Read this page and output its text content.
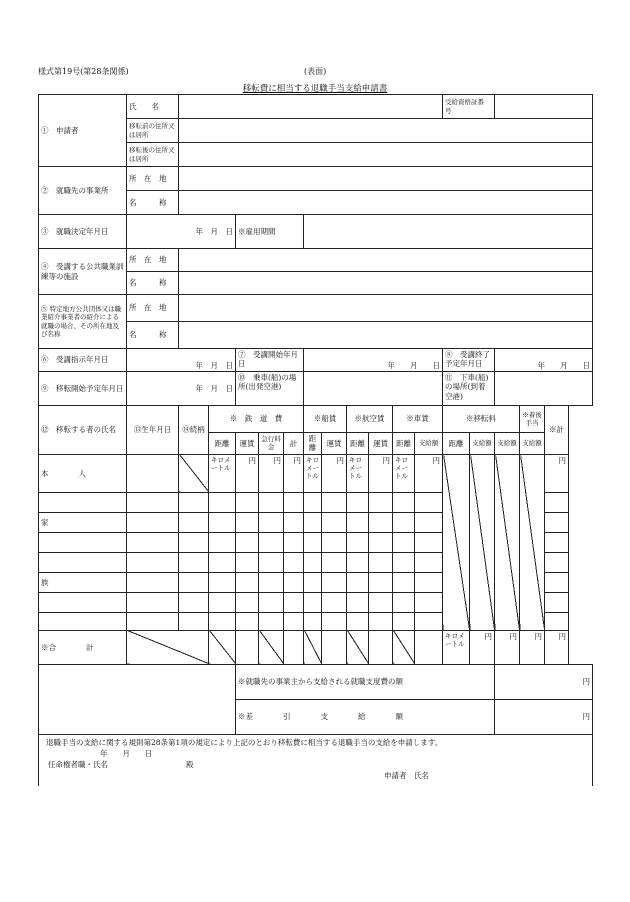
様式第19号(第28条関係)	(表面)
移転費に相当する退職手当支給申請書
①　申請者	氏　　名												受給資格証番　　号				
	移転前の住所又は居所																
	移転後の住所又は居所																
②　就職先の事業所	所　在　地																
	名　　　称																
③　就職決定年月日	年　月　日			※雇用期間													
④　受講する公共職業訓練等の施設	所　在　地																
	名　　　称																
⑤ 特定地方公共団体又は職業紹介事業者の紹介による就職の場合、その所在地及び名称	所　在　地																
	名　　　称																
⑥　受講指示年月日	年　月　日			⑦　受講開始年月日			年　　月　　日						⑧　受講終了予定年月日		年　　月　　日		
⑨　移転開始予定年月日	年　月　日			⑩　乗車(船)の場所(出発空港)									⑪　下車(船)の場所(到着空港)				
⑫　移転する者の氏名	⑬生年月日	⑭続柄	※　鉄　道　費				※船賃		※航空賃		※車賃		※移転料			※着後手当	※計
			距離	運賃	急行料金	計	距離	運賃	距離	運賃	距離	支給額	距離	支給額	支給額	支給額	
本　　　　人			キロメートル	円	円	円	キロメートル	円	キロメートル	円	キロメートル	円					円

家																	

族																	

※合　　　　計													キロメートル	円	円	円	円
				※就職先の事業主から支給される就職支度費の額											円		
				※差　　　　引　　　　支　　　　給　　　　額											円		

退職手当の支給に関する規則第28条第1項の規定により上記のとおり移転費に相当する退職手当の支給を申請します。
年　　月　　日
任命権者職・氏名	殿
申請者　氏名
